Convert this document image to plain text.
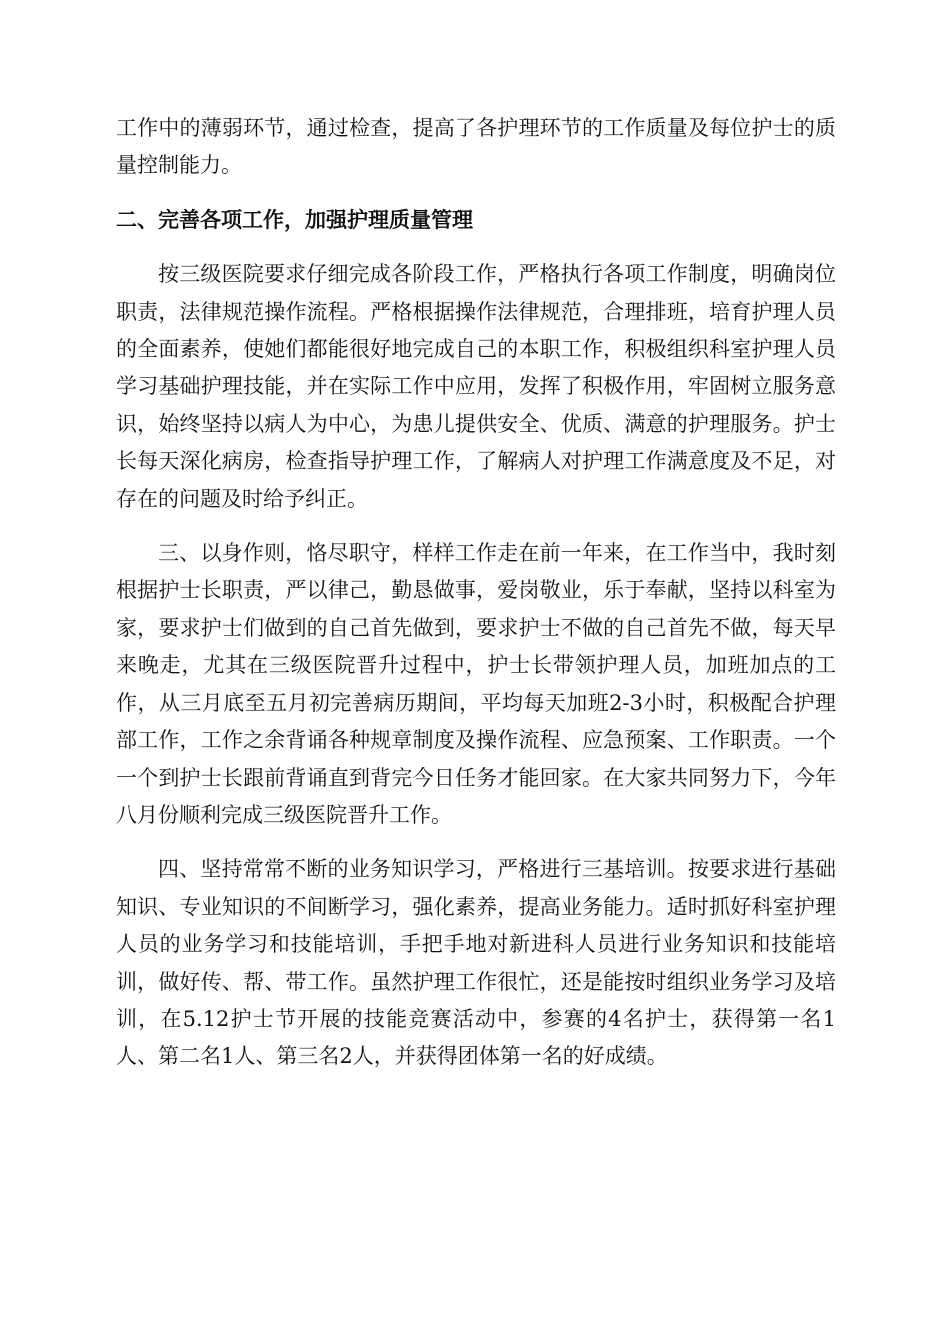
工作中的薄弱环节，通过检查，提高了各护理环节的工作质量及每位护士的质量控制能力。

二、完善各项工作，加强护理质量管理

按三级医院要求仔细完成各阶段工作，严格执行各项工作制度，明确岗位职责，法律规范操作流程。严格根据操作法律规范，合理排班，培育护理人员的全面素养，使她们都能很好地完成自己的本职工作，积极组织科室护理人员学习基础护理技能，并在实际工作中应用，发挥了积极作用，牢固树立服务意识，始终坚持以病人为中心，为患儿提供安全、优质、满意的护理服务。护士长每天深化病房，检查指导护理工作，了解病人对护理工作满意度及不足，对存在的问题及时给予纠正。

三、以身作则，恪尽职守，样样工作走在前一年来，在工作当中，我时刻根据护士长职责，严以律己，勤恳做事，爱岗敬业，乐于奉献，坚持以科室为家，要求护士们做到的自己首先做到，要求护士不做的自己首先不做，每天早来晚走，尤其在三级医院晋升过程中，护士长带领护理人员，加班加点的工作，从三月底至五月初完善病历期间，平均每天加班2-3小时，积极配合护理部工作，工作之余背诵各种规章制度及操作流程、应急预案、工作职责。一个一个到护士长跟前背诵直到背完今日任务才能回家。在大家共同努力下，今年八月份顺利完成三级医院晋升工作。

四、坚持常常不断的业务知识学习，严格进行三基培训。按要求进行基础知识、专业知识的不间断学习，强化素养，提高业务能力。适时抓好科室护理人员的业务学习和技能培训，手把手地对新进科人员进行业务知识和技能培训，做好传、帮、带工作。虽然护理工作很忙，还是能按时组织业务学习及培训，在5.12护士节开展的技能竞赛活动中，参赛的4名护士，获得第一名1人、第二名1人、第三名2人，并获得团体第一名的好成绩。
